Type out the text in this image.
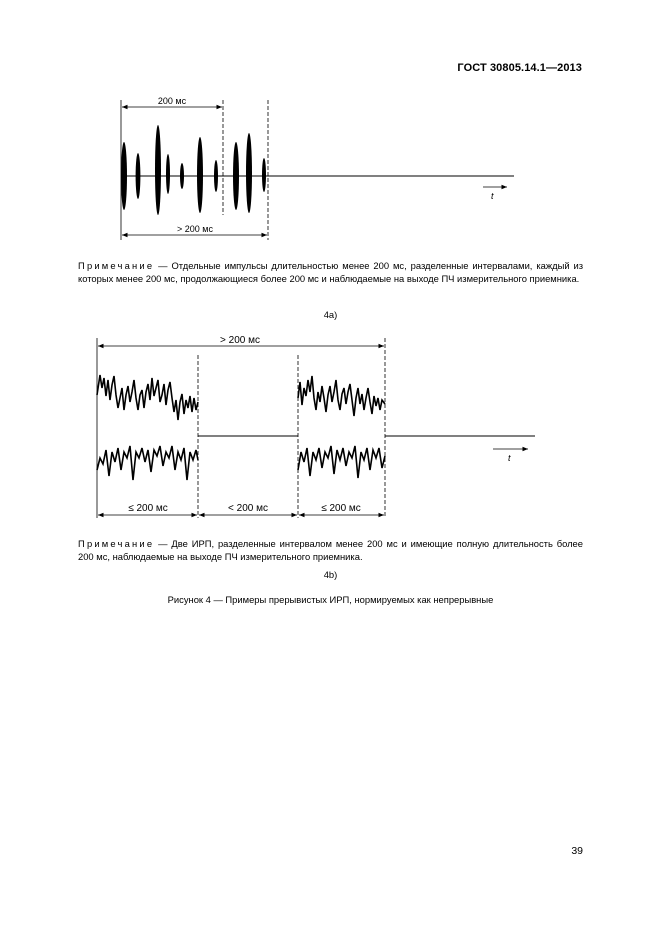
ГОСТ 30805.14.1—2013
200 мс
> 200 мс
t
> 200 мс
t
≤ 200 мс	< 200 мс	≤ 200 мс
Примечание — Отдельные импульсы длительностью менее 200 мс, разделенные интервалами, каждый из которых менее 200 мс, продолжающиеся более 200 мс и наблюдаемые на выходе ПЧ измерительного приемника.
4а)
Примечание — Две ИРП, разделенные интервалом менее 200 мс и имеющие полную длительность более 200 мс, наблюдаемые на выходе ПЧ измерительного приемника.
4b)
Рисунок 4 — Примеры прерывистых ИРП, нормируемых как непрерывные
39
